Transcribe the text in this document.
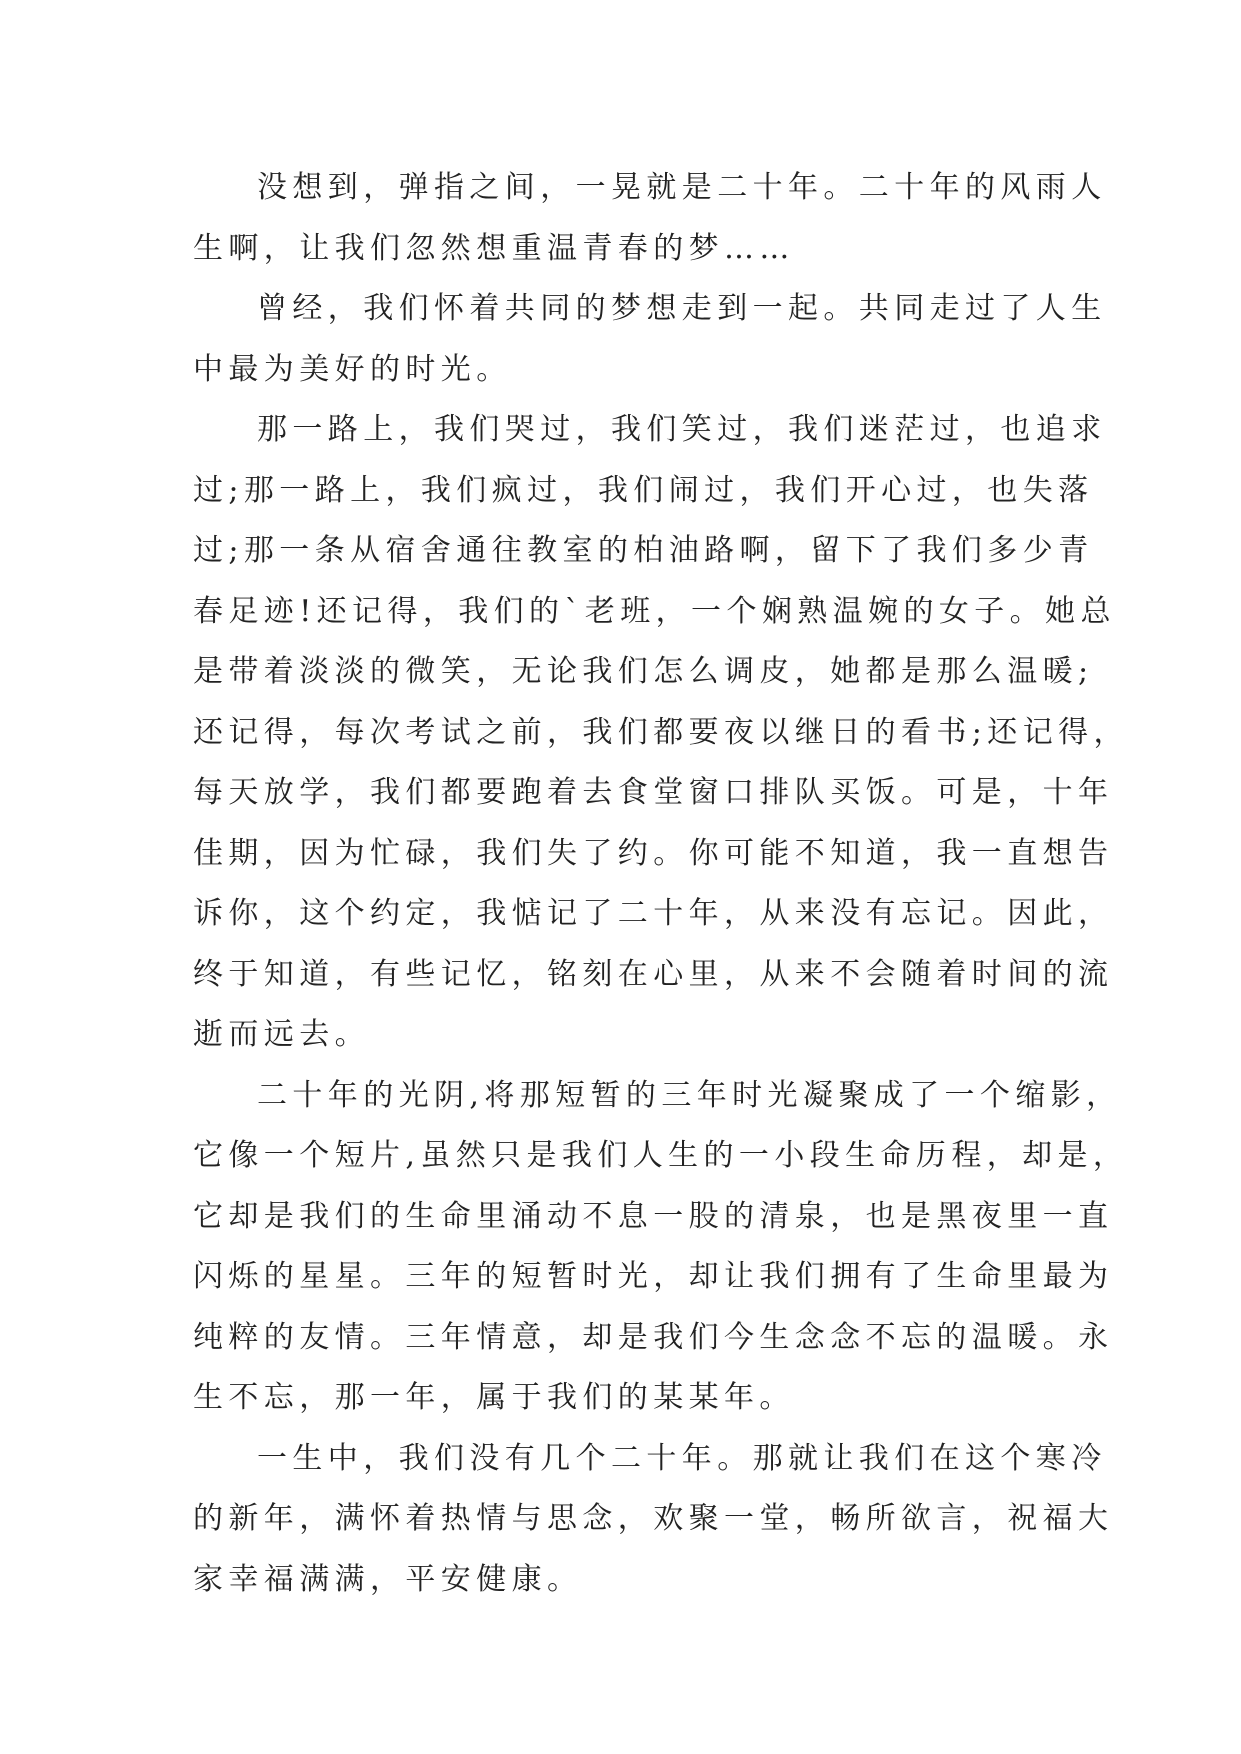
没想到，弹指之间，一晃就是二十年。二十年的风雨人
生啊，让我们忽然想重温青春的梦……

曾经，我们怀着共同的梦想走到一起。共同走过了人生
中最为美好的时光。

那一路上，我们哭过，我们笑过，我们迷茫过，也追求
过;那一路上，我们疯过，我们闹过，我们开心过，也失落
过;那一条从宿舍通往教室的柏油路啊，留下了我们多少青
春足迹!还记得，我们的`老班，一个娴熟温婉的女子。她总
是带着淡淡的微笑，无论我们怎么调皮，她都是那么温暖;
还记得，每次考试之前，我们都要夜以继日的看书;还记得，
每天放学，我们都要跑着去食堂窗口排队买饭。可是，十年
佳期，因为忙碌，我们失了约。你可能不知道，我一直想告
诉你，这个约定，我惦记了二十年，从来没有忘记。因此，
终于知道，有些记忆，铭刻在心里，从来不会随着时间的流
逝而远去。

二十年的光阴,将那短暂的三年时光凝聚成了一个缩影，
它像一个短片,虽然只是我们人生的一小段生命历程，却是，
它却是我们的生命里涌动不息一股的清泉，也是黑夜里一直
闪烁的星星。三年的短暂时光，却让我们拥有了生命里最为
纯粹的友情。三年情意，却是我们今生念念不忘的温暖。永
生不忘，那一年，属于我们的某某年。

一生中，我们没有几个二十年。那就让我们在这个寒冷
的新年，满怀着热情与思念，欢聚一堂，畅所欲言，祝福大
家幸福满满，平安健康。
